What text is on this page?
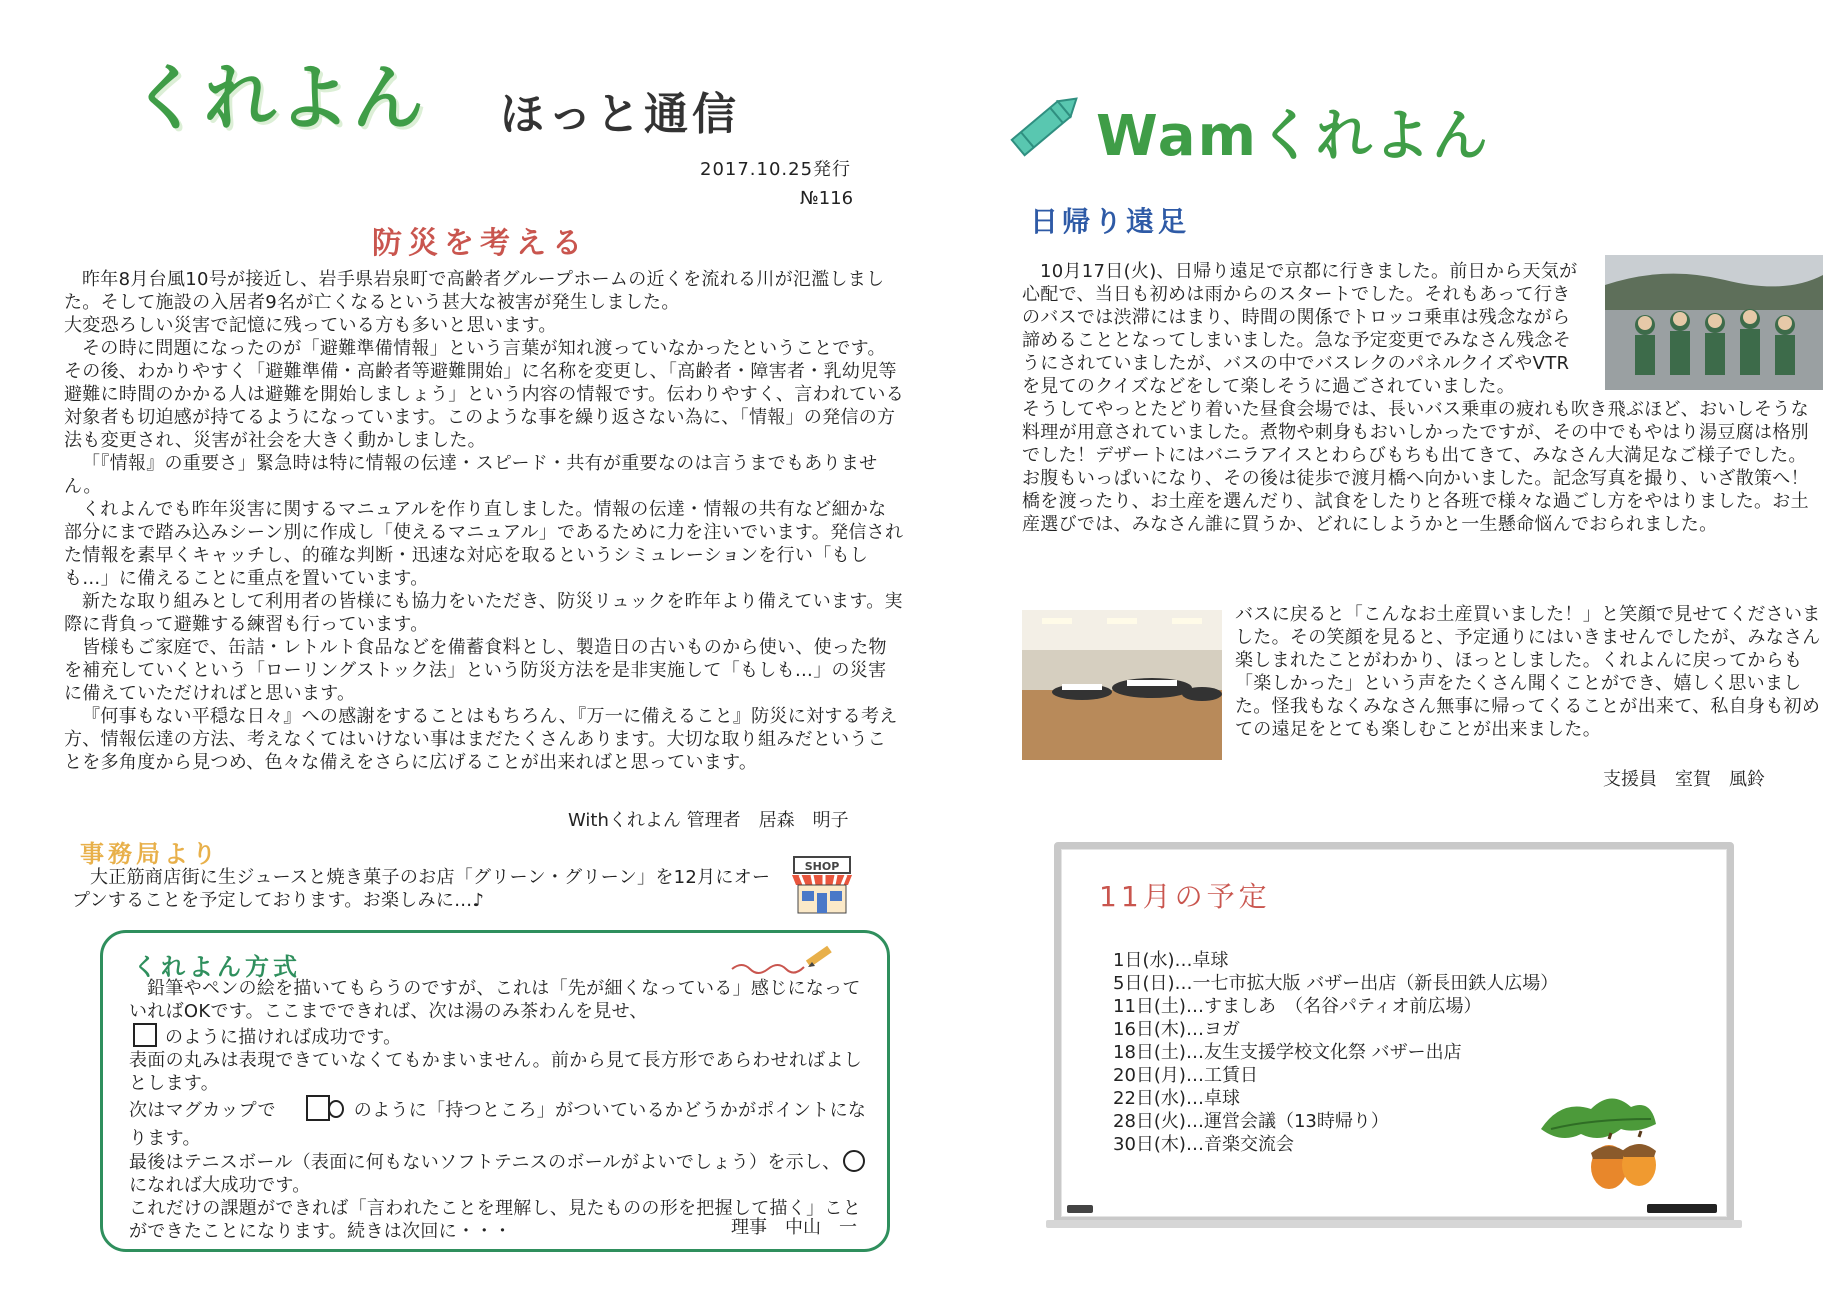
くれよん ほっと通信
2017.10.25発行
№116
防災を考える

昨年8月台風10号が接近し、岩手県岩泉町で高齢者グループホームの近くを流れる川が氾濫しました。そして施設の入居者9名が亡くなるという甚大な被害が発生しました。

大変恐ろしい災害で記憶に残っている方も多いと思います。

その時に問題になったのが「避難準備情報」という言葉が知れ渡っていなかったということです。その後、わかりやすく「避難準備・高齢者等避難開始」に名称を変更し、「高齢者・障害者・乳幼児等避難に時間のかかる人は避難を開始しましょう」という内容の情報です。伝わりやすく、言われている対象者も切迫感が持てるようになっています。このような事を繰り返さない為に、「情報」の発信の方法も変更され、災害が社会を大きく動かしました。

「『情報』の重要さ」緊急時は特に情報の伝達・スピード・共有が重要なのは言うまでもありません。

くれよんでも昨年災害に関するマニュアルを作り直しました。情報の伝達・情報の共有など細かな部分にまで踏み込みシーン別に作成し「使えるマニュアル」であるために力を注いでいます。発信された情報を素早くキャッチし、的確な判断・迅速な対応を取るというシミュレーションを行い「もしも…」に備えることに重点を置いています。

新たな取り組みとして利用者の皆様にも協力をいただき、防災リュックを昨年より備えています。実際に背負って避難する練習も行っています。

皆様もご家庭で、缶詰・レトルト食品などを備蓄食料とし、製造日の古いものから使い、使った物を補充していくという「ローリングストック法」という防災方法を是非実施して「もしも…」の災害に備えていただければと思います。

『何事もない平穏な日々』への感謝をすることはもちろん、『万一に備えること』防災に対する考え方、情報伝達の方法、考えなくてはいけない事はまだたくさんあります。大切な取り組みだということを多角度から見つめ、色々な備えをさらに広げることが出来ればと思っています。

Withくれよん 管理者　居森　明子
事務局より
大正筋商店街に生ジュースと焼き菓子のお店「グリーン・グリーン」を12月にオープンすることを予定しております。お楽しみに…♪
SHOP
くれよん方式

鉛筆やペンの絵を描いてもらうのですが、これは「先が細くなっている」感じになっていればOKです。ここまでできれば、次は湯のみ茶わんを見せ、

のように描ければ成功です。

表面の丸みは表現できていなくてもかまいません。前から見て長方形であらわせればよしとします。

次はマグカップで	のように「持つところ」がついているかどうかがポイントになります。

最後はテニスボール（表面に何もないソフトテニスのボールがよいでしょう）を示し、になれば大成功です。

これだけの課題ができれば「言われたことを理解し、見たものの形を把握して描く」ことができたことになります。続きは次回に・・・	理事　中山　一
Wamくれよん
日帰り遠足

10月17日(火)、日帰り遠足で京都に行きました。前日から天気が心配で、当日も初めは雨からのスタートでした。それもあって行きのバスでは渋滞にはまり、時間の関係でトロッコ乗車は残念ながら諦めることとなってしまいました。急な予定変更でみなさん残念そうにされていましたが、バスの中でバスレクのパネルクイズやVTRを見てのクイズなどをして楽しそうに過ごされていました。

そうしてやっとたどり着いた昼食会場では、長いバス乗車の疲れも吹き飛ぶほど、おいしそうな料理が用意されていました。煮物や刺身もおいしかったですが、その中でもやはり湯豆腐は格別でした！デザートにはバニラアイスとわらびもちも出てきて、みなさん大満足なご様子でした。

お腹もいっぱいになり、その後は徒歩で渡月橋へ向かいました。記念写真を撮り、いざ散策へ！橋を渡ったり、お土産を選んだり、試食をしたりと各班で様々な過ごし方をやはりました。お土産選びでは、みなさん誰に買うか、どれにしようかと一生懸命悩んでおられました。

バスに戻ると「こんなお土産買いました！」と笑顔で見せてくださいました。その笑顔を見ると、予定通りにはいきませんでしたが、みなさん楽しまれたことがわかり、ほっとしました。くれよんに戻ってからも「楽しかった」という声をたくさん聞くことができ、嬉しく思いました。怪我もなくみなさん無事に帰ってくることが出来て、私自身も初めての遠足をとても楽しむことが出来ました。

支援員　室賀　風鈴
11月の予定

1日(水)…卓球

5日(日)…一七市拡大版 バザー出店（新長田鉄人広場）

11日(土)…すましあ　（名谷パティオ前広場）

16日(木)…ヨガ

18日(土)…友生支援学校文化祭 バザー出店

20日(月)…工賃日

22日(水)…卓球

28日(火)…運営会議（13時帰り）

30日(木)…音楽交流会
